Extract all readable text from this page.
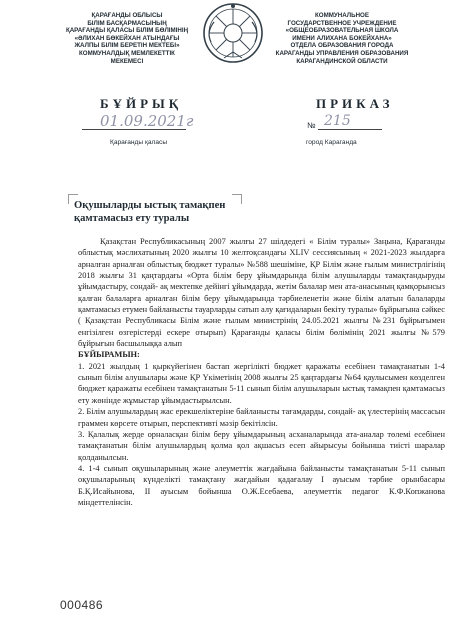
ҚАРАҒАНДЫ ОБЛЫСЫ
БІЛІМ БАСҚАРМАСЫНЫҢ
ҚАРАҒАНДЫ ҚАЛАСЫ БІЛІМ БӨЛІМІНІҢ
«ӘЛИХАН БӨКЕЙХАН АТЫНДАҒЫ
ЖАЛПЫ БІЛІМ БЕРЕТІН МЕКТЕБІ»
КОММУНАЛДЫҚ МЕМЛЕКЕТТІК
МЕКЕМЕСІ
КОММУНАЛЬНОЕ
ГОСУДАРСТВЕННОЕ УЧРЕЖДЕНИЕ
«ОБЩЕОБРАЗОВАТЕЛЬНАЯ ШКОЛА
ИМЕНИ АЛИХАНА БОКЕЙХАНА»
ОТДЕЛА ОБРАЗОВАНИЯ ГОРОДА
КАРАГАНДЫ УПРАВЛЕНИЯ ОБРАЗОВАНИЯ
КАРАГАНДИНСКОЙ ОБЛАСТИ
БҰЙРЫҚ	ПРИКАЗ
01.09.2021г	№ 215
Қарағанды қаласы	город Караганда
Оқушыларды ыстық тамақпен
қамтамасыз ету туралы

Қазақстан Республикасының 2007 жылғы 27 шілдедегі « Білім туралы» Заңына, Қарағанды облыстық мәслихатының 2020 жылғы 10 желтоқсандағы XLIV сессиясының « 2021-2023 жылдарға арналған арналған облыстық бюджет туралы» №588 шешіміне, ҚР Білім және ғылым министрлігінің 2018 жылғы 31 қаңтардағы «Орта білім беру ұйымдарында білім алушыларды тамақтандыруды ұйымдастыру, сондай- ақ мектепке дейінгі ұйымдарда, жетім балалар мен ата-анасының қамқорынсыз қалған балаларға арналған білім беру ұйымдарында тәрбиеленетін және білім алатын балаларды қамтамасыз етумен байланысты тауарларды сатып алу қағидаларын бекіту туралы» бұйрығына сәйкес ( Қазақстан Республикасы Білім және ғылым министрінің 24.05.2021 жылғы №231 бұйрығымен енгізілген өзгерістерді ескере отырып) Қарағанды қаласы білім бөлімінің 2021 жылғы №579 бұйрығын басшылыққа алып

БҰЙЫРАМЫН:

1. 2021 жылдың 1 қыркүйегінен бастап жергілікті бюджет қаражаты есебінен тамақтанатын 1-4 сынып білім алушылары және ҚР Үкіметінің 2008 жылғы 25 қаңтардағы №64 қаулысымен көзделген бюджет қаражаты есебінен тамақтанатын 5-11 сынып білім алушыларын ыстық тамақпен қамтамасыз ету жөнінде жұмыстар ұйымдастырылсын.

2. Білім алушылардың жас ерекшеліктеріне байланысты тағамдарды, сондай- ақ үлестерінің массасын граммен көрсете отырып, перспективті мәзір бекітілсін.

3. Қалалық жерде орналасқан білім беру ұйымдарының асханаларында ата-аналар төлемі есебінен тамақтанатын білім алушылардың қолма қол ақшасыз есеп айырысуы бойынша тиісті шаралар қолданылсын.

4. 1-4 сынып оқушыларының және әлеуметтік жағдайына байланысты тамақтанатын 5-11 сынып оқушыларының күнделікті тамақтану жағдайын қадағалау I ауысым тәрбие орынбасары Б.Қ.Исайынова, II ауысым бойынша О.Ж.Есебаева, әлеуметтік педагог К.Ф.Копжанова міндеттелінсін.

000486
